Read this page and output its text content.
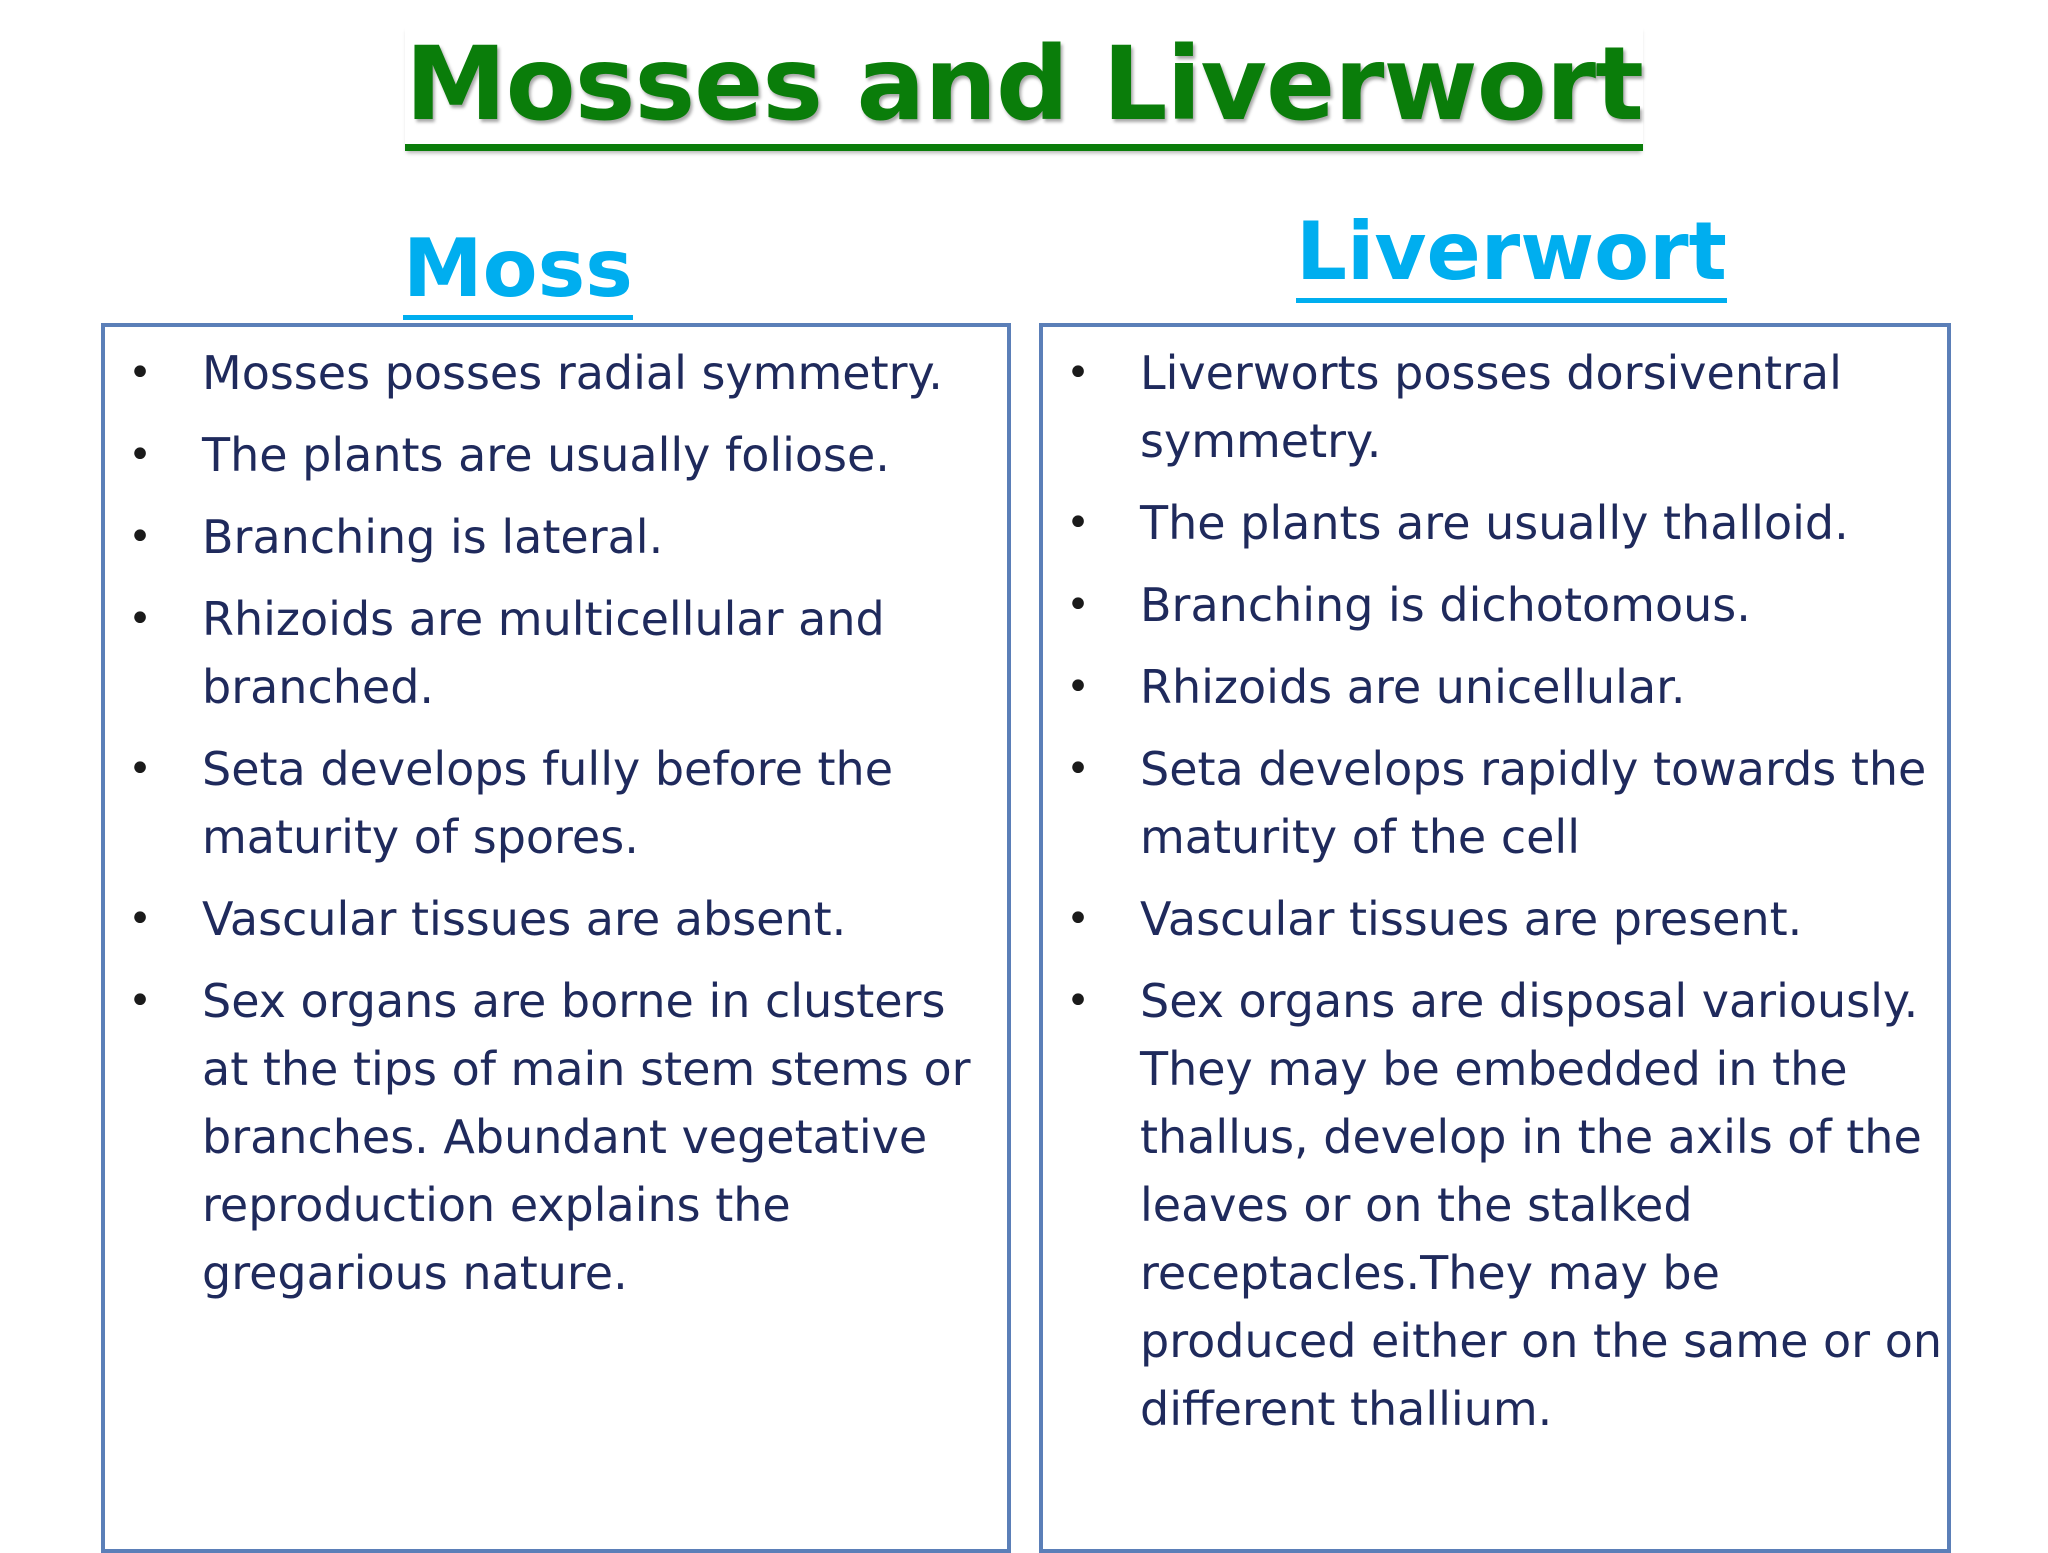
Mosses and Liverwort
Moss	Liverwort
• Mosses posses radial symmetry.
• The plants are usually foliose.
• Branching is lateral.
• Rhizoids are multicellular and branched.
• Seta develops fully before the maturity of spores.
• Vascular tissues are absent.
• Sex organs are borne in clusters at the tips of main stem stems or branches. Abundant vegetative reproduction explains the gregarious nature.
• Liverworts posses dorsiventral symmetry.
• The plants are usually thalloid.
• Branching is dichotomous.
• Rhizoids are unicellular.
• Seta develops rapidly towards the maturity of the cell
• Vascular tissues are present.
• Sex organs are disposal variously. They may be embedded in the thallus, develop in the axils of the leaves or on the stalked receptacles.They may be produced either on the same or on different thallium.
